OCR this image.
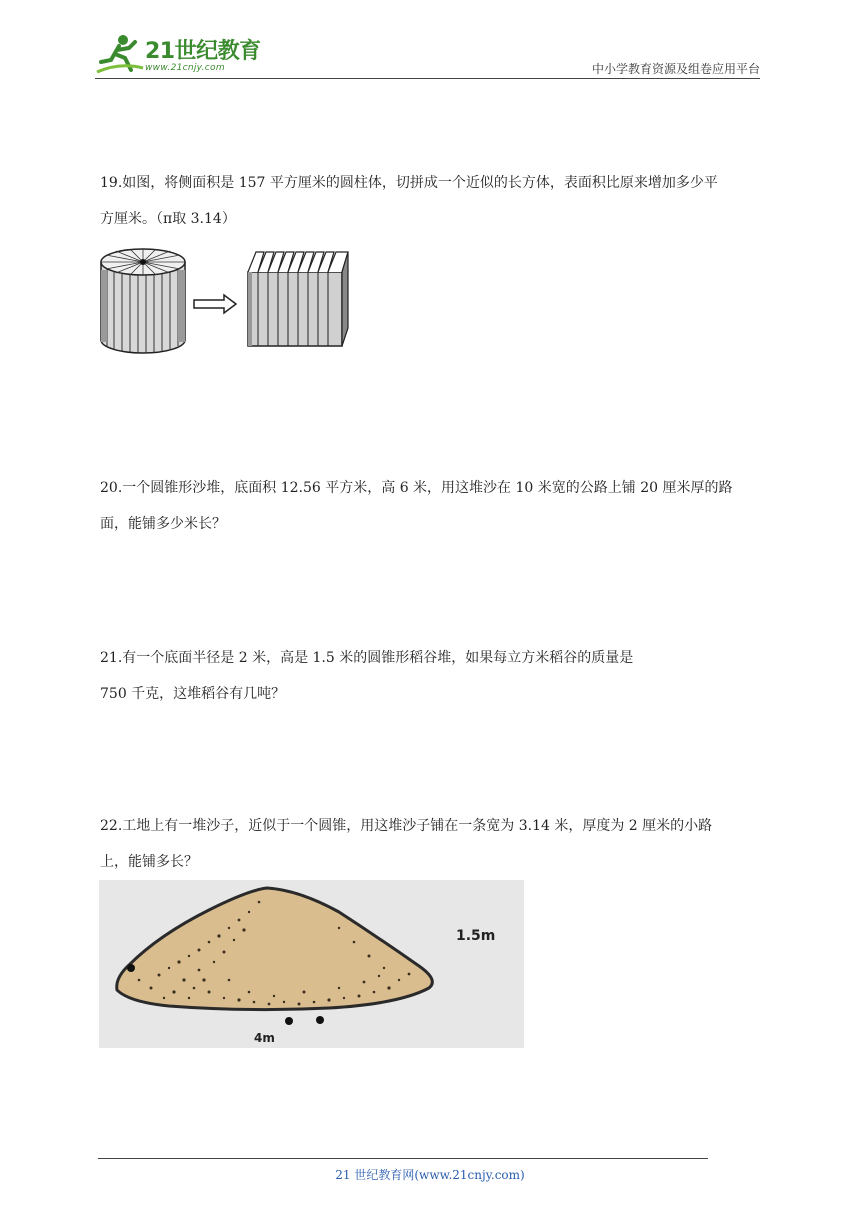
21世纪教育
www.21cnjy.com	中小学教育资源及组卷应用平台

19.如图，将侧面积是 157 平方厘米的圆柱体，切拼成一个近似的长方体，表面积比原来增加多少平

方厘米。（π取 3.14）

20.一个圆锥形沙堆，底面积 12.56 平方米，高 6 米，用这堆沙在 10 米宽的公路上铺 20 厘米厚的路

面，能铺多少米长？

21.有一个底面半径是 2 米，高是 1.5 米的圆锥形稻谷堆，如果每立方米稻谷的质量是

750 千克，这堆稻谷有几吨？

22.工地上有一堆沙子，近似于一个圆锥，用这堆沙子铺在一条宽为 3.14 米，厚度为 2 厘米的小路

上，能铺多长？

1.5m
4m
21 世纪教育网(www.21cnjy.com)
